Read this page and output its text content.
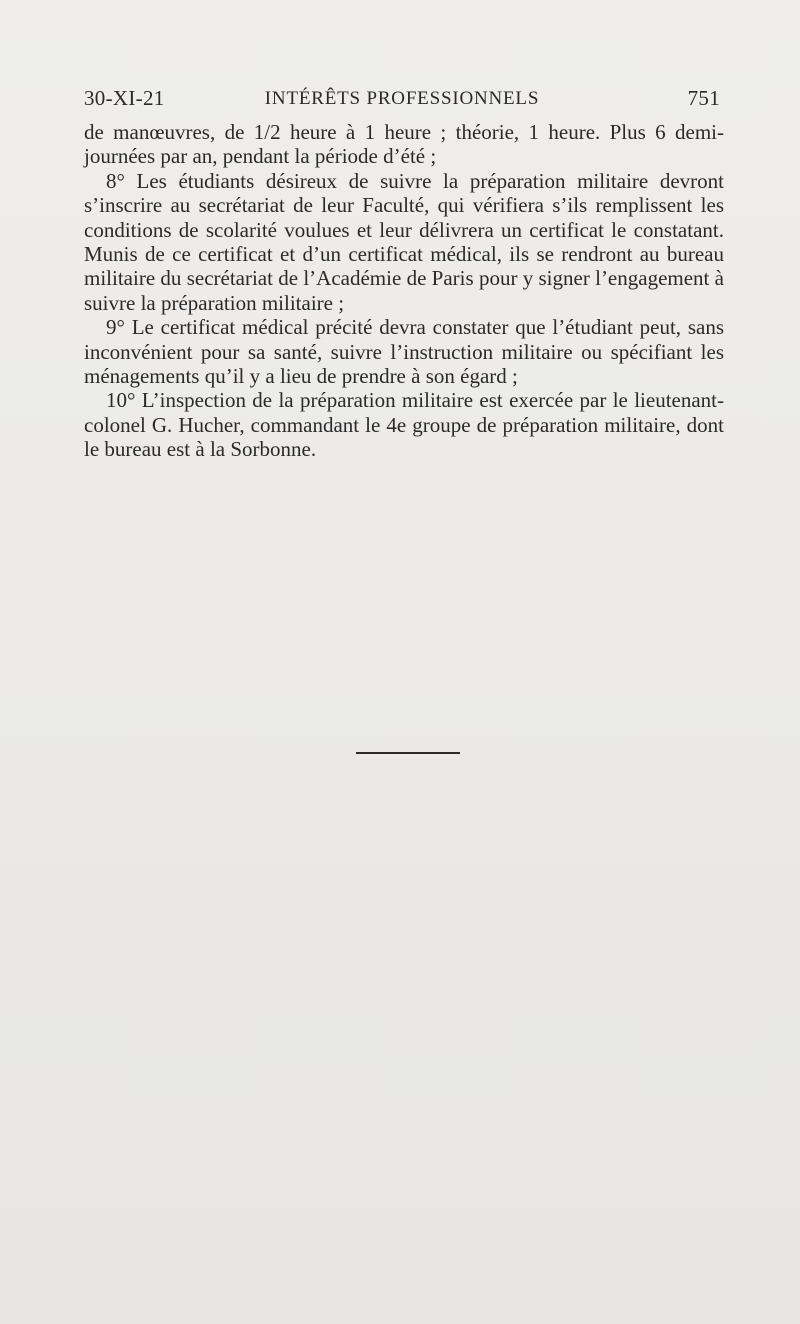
30-XI-21	INTÉRÊTS PROFESSIONNELS	751

de manœuvres, de 1/2 heure à 1 heure ; théorie, 1 heure. Plus 6 demi-journées par an, pendant la période d’été ;

8° Les étudiants désireux de suivre la préparation militaire devront s’inscrire au secrétariat de leur Faculté, qui vérifiera s’ils remplissent les conditions de scolarité voulues et leur délivrera un certificat le constatant. Munis de ce certificat et d’un certificat médical, ils se rendront au bureau militaire du secrétariat de l’Académie de Paris pour y signer l’engagement à suivre la préparation militaire ;

9° Le certificat médical précité devra constater que l’étudiant peut, sans inconvénient pour sa santé, suivre l’instruction militaire ou spécifiant les ménagements qu’il y a lieu de prendre à son égard ;

10° L’inspection de la préparation militaire est exercée par le lieutenant-colonel G. Hucher, commandant le 4e groupe de préparation militaire, dont le bureau est à la Sorbonne.
